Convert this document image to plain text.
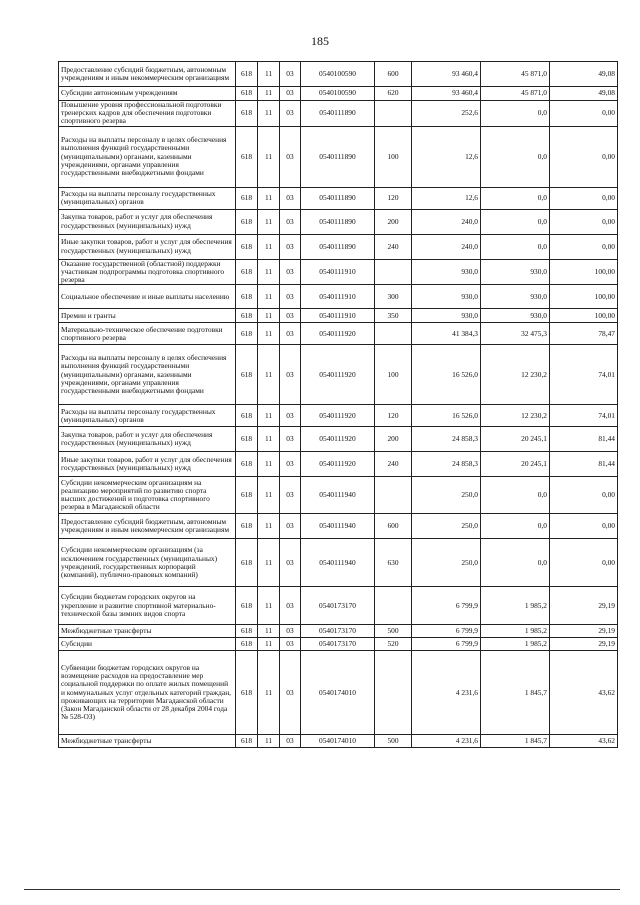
185
Предоставление субсидий бюджетным, автономным учреждениям и иным некоммерческим организациям	618	11	03	0540100590	600	93 460,4	45 871,0	49,08
Субсидии автономным учреждениям	618	11	03	0540100590	620	93 460,4	45 871,0	49,08
Повышение уровня профессиональной подготовки тренерских кадров для обеспечения подготовки спортивного резерва	618	11	03	0540111890		252,6	0,0	0,00
Расходы на выплаты персоналу в целях обеспечения выполнения функций государственными (муниципальными) органами, казенными учреждениями, органами управления государственными внебюджетными фондами	618	11	03	0540111890	100	12,6	0,0	0,00
Расходы на выплаты персоналу государственных (муниципальных) органов	618	11	03	0540111890	120	12,6	0,0	0,00
Закупка товаров, работ и услуг для обеспечения государственных (муниципальных) нужд	618	11	03	0540111890	200	240,0	0,0	0,00
Иные закупки товаров, работ и услуг для обеспечения государственных (муниципальных) нужд	618	11	03	0540111890	240	240,0	0,0	0,00
Оказание государственной (областной) поддержки участникам подпрограммы подготовка спортивного резерва	618	11	03	0540111910		930,0	930,0	100,00
Социальное обеспечение и иные выплаты населению	618	11	03	0540111910	300	930,0	930,0	100,00
Премии и гранты	618	11	03	0540111910	350	930,0	930,0	100,00
Материально-техническое обеспечение подготовки спортивного резерва	618	11	03	0540111920		41 384,3	32 475,3	78,47
Расходы на выплаты персоналу в целях обеспечения выполнения функций государственными (муниципальными) органами, казенными учреждениями, органами управления государственными внебюджетными фондами	618	11	03	0540111920	100	16 526,0	12 230,2	74,01
Расходы на выплаты персоналу государственных (муниципальных) органов	618	11	03	0540111920	120	16 526,0	12 230,2	74,01
Закупка товаров, работ и услуг для обеспечения государственных (муниципальных) нужд	618	11	03	0540111920	200	24 858,3	20 245,1	81,44
Иные закупки товаров, работ и услуг для обеспечения государственных (муниципальных) нужд	618	11	03	0540111920	240	24 858,3	20 245,1	81,44
Субсидии некоммерческим организациям на реализацию мероприятий по развитию спорта высших достижений и подготовка спортивного резерва в Магаданской области	618	11	03	0540111940		250,0	0,0	0,00
Предоставление субсидий бюджетным, автономным учреждениям и иным некоммерческим организациям	618	11	03	0540111940	600	250,0	0,0	0,00
Субсидии некоммерческим организациям (за исключением государственных (муниципальных) учреждений, государственных корпораций (компаний), публично-правовых компаний)	618	11	03	0540111940	630	250,0	0,0	0,00
Субсидии бюджетам городских округов на укрепление и развитие спортивной материально-технической базы зимних видов спорта	618	11	03	0540173170		6 799,9	1 985,2	29,19
Межбюджетные трансферты	618	11	03	0540173170	500	6 799,9	1 985,2	29,19
Субсидии	618	11	03	0540173170	520	6 799,9	1 985,2	29,19
Субвенции бюджетам городских округов на возмещение расходов на предоставление мер социальной поддержки по оплате жилых помещений и коммунальных услуг отдельных категорий граждан, проживающих на территории Магаданской области (Закон Магаданской области от 28 декабря 2004 года № 528-ОЗ)	618	11	03	0540174010		4 231,6	1 845,7	43,62
Межбюджетные трансферты	618	11	03	0540174010	500	4 231,6	1 845,7	43,62
